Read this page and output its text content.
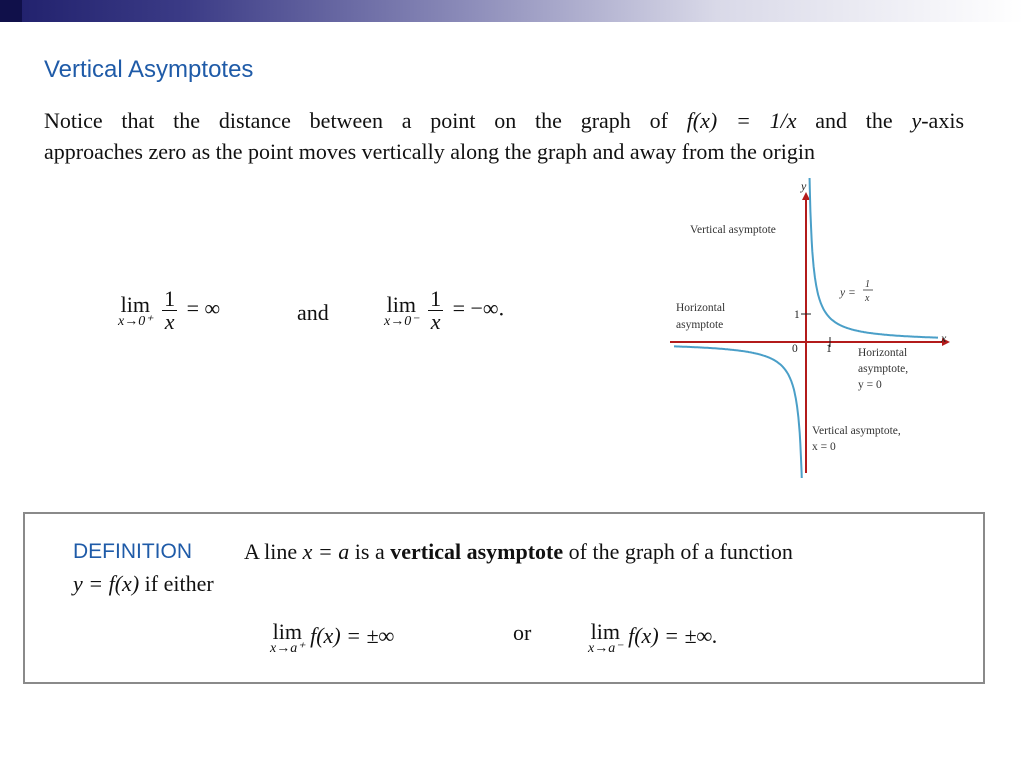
Vertical Asymptotes
Notice that the distance between a point on the graph of f(x) = 1/x and the y-axis
approaches zero as the point moves vertically along the graph and away from the origin
lim
x→0⁺
$\frac{1}{x}$ = ∞	and	lim
x→0⁻
$\frac{1}{x}$ = −∞.
y
x
Vertical asymptote
y =
1
x
Horizontal
asymptote
1
1
0	Horizontal
asymptote,
y = 0
Vertical asymptote,
x = 0
DEFINITION A line x = a is a vertical asymptote of the graph of a function
y = f(x) if either
lim
x→a⁺
f(x) = ±∞	or	lim
x→a⁻
f(x) = ±∞.
